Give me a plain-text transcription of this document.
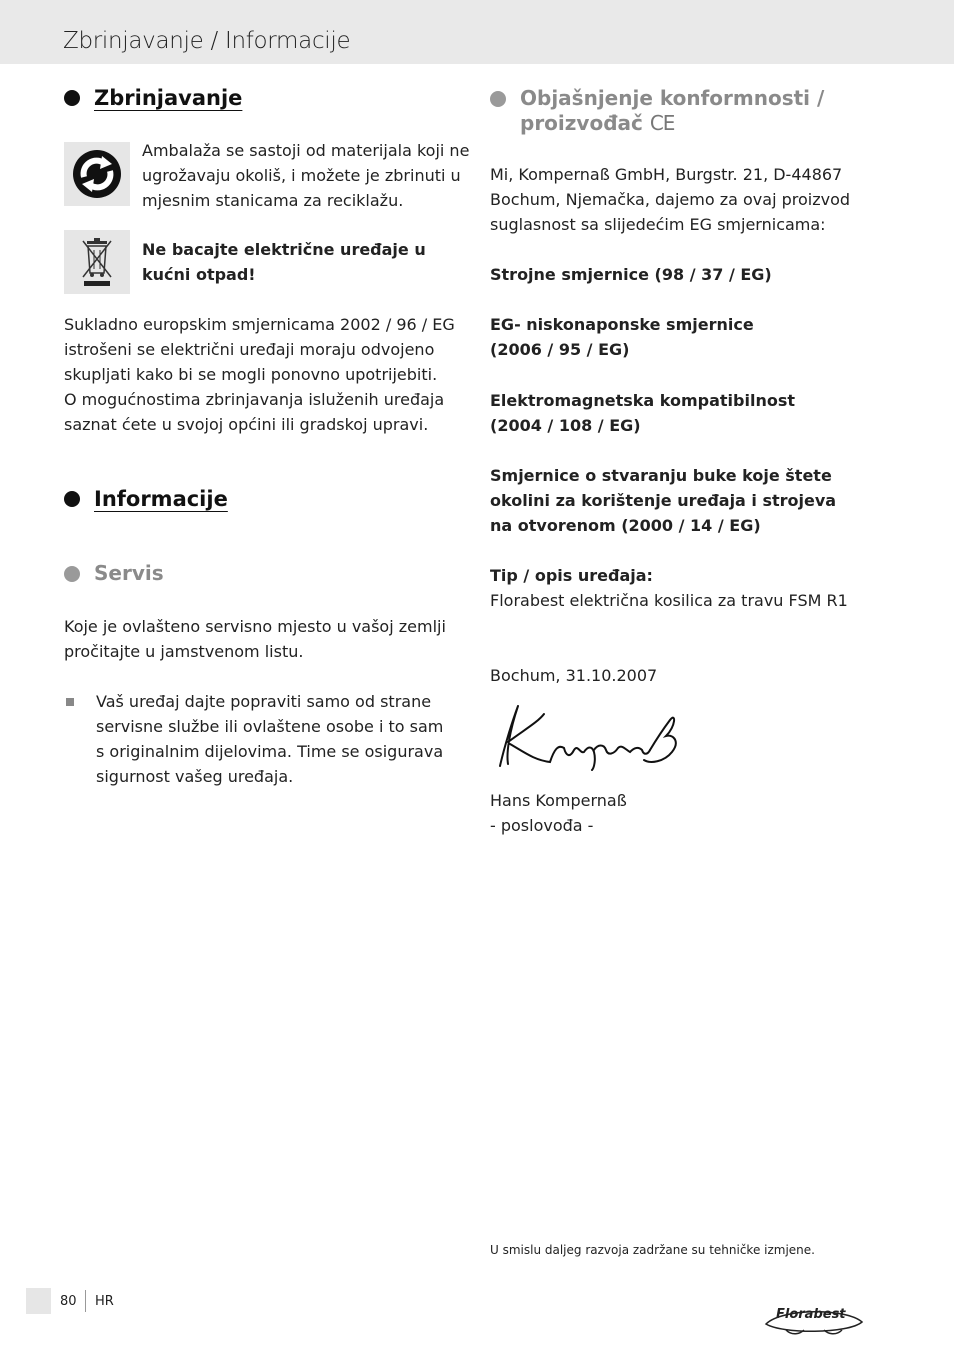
Zbrinjavanje / Informacije
Zbrinjavanje
Ambalaža se sastoji od materijala koji ne
ugrožavaju okoliš, i možete je zbrinuti u
mjesnim stanicama za reciklažu.
Ne bacajte električne uređaje u
kućni otpad!
Sukladno europskim smjernicama 2002 / 96 / EG
istrošeni se električni uređaji moraju odvojeno
skupljati kako bi se mogli ponovno upotrijebiti.
O mogućnostima zbrinjavanja isluženih uređaja
saznat ćete u svojoj općini ili gradskoj upravi.
Informacije
Servis
Koje je ovlašteno servisno mjesto u vašoj zemlji
pročitajte u jamstvenom listu.
Vaš uređaj dajte popraviti samo od strane
servisne službe ili ovlaštene osobe i to sam
s originalnim dijelovima. Time se osigurava
sigurnost vašeg uređaja.
Objašnjenje konformnosti /
proizvođač CE
Mi, Kompernaß GmbH, Burgstr. 21, D-44867
Bochum, Njemačka, dajemo za ovaj proizvod
suglasnost sa slijedećim EG smjernicama:
Strojne smjernice (98 / 37 / EG)
EG- niskonaponske smjernice
(2006 / 95 / EG)
Elektromagnetska kompatibilnost
(2004 / 108 / EG)
Smjernice o stvaranju buke koje štete
okolini za korištenje uređaja i strojeva
na otvorenom (2000 / 14 / EG)
Tip / opis uređaja:
Florabest električna kosilica za travu FSM R1
Bochum, 31.10.2007
Hans Kompernaß
- poslovođa -
U smislu daljeg razvoja zadržane su tehničke izmjene.
80 HR
Florabest
